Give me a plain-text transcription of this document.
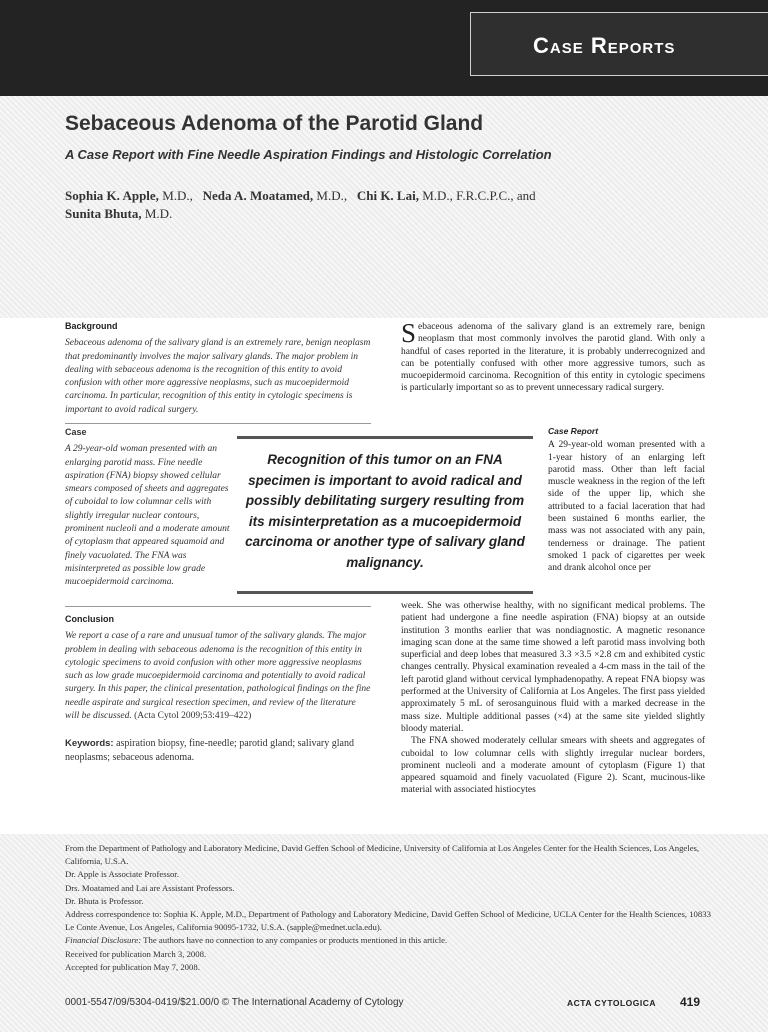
Case Reports
Sebaceous Adenoma of the Parotid Gland
A Case Report with Fine Needle Aspiration Findings and Histologic Correlation
Sophia K. Apple, M.D., Neda A. Moatamed, M.D., Chi K. Lai, M.D., F.R.C.P.C., and
Sunita Bhuta, M.D.
Background
Sebaceous adenoma of the salivary gland is an extremely rare, benign neoplasm that predominantly involves the major salivary glands. The major problem in dealing with sebaceous adenoma is the recognition of this entity to avoid confusion with other more aggressive neoplasms, such as mucoepidermoid carcinoma. In particular, recognition of this entity in cytologic specimens is important to avoid radical surgery.
Case
A 29-year-old woman presented with an enlarging parotid mass. Fine needle aspiration (FNA) biopsy showed cellular smears composed of sheets and aggregates of cuboidal to low columnar cells with slightly irregular nuclear contours, prominent nucleoli and a moderate amount of cytoplasm that appeared squamoid and finely vacuolated. The FNA was misinterpreted as possible low grade mucoepidermoid carcinoma.
Conclusion
We report a case of a rare and unusual tumor of the salivary glands. The major problem in dealing with sebaceous adenoma is the recognition of this entity in cytologic specimens to avoid confusion with other more aggressive neoplasms such as low grade mucoepidermoid carcinoma and potentially to avoid radical surgery. In this paper, the clinical presentation, pathological findings on the fine needle aspirate and surgical resection specimen, and review of the literature will be discussed. (Acta Cytol 2009;53:419–422)
Keywords: aspiration biopsy, fine-needle; parotid gland; salivary gland neoplasms; sebaceous adenoma.
Recognition of this tumor on an FNA specimen is important to avoid radical and possibly debilitating surgery resulting from its misinterpretation as a mucoepidermoid carcinoma or another type of salivary gland malignancy.
Sebaceous adenoma of the salivary gland is an extremely rare, benign neoplasm that most commonly involves the parotid gland. With only a handful of cases reported in the literature, it is probably underrecognized and can be potentially confused with other more aggressive tumors, such as mucoepidermoid carcinoma. Recognition of this entity in cytologic specimens is particularly important so as to prevent unnecessary radical surgery.
Case Report
A 29-year-old woman presented with a 1-year history of an enlarging left parotid mass. Other than left facial muscle weakness in the region of the left side of the upper lip, which she attributed to a facial laceration that had been sustained 6 months earlier, the mass was not associated with any pain, tenderness or drainage. The patient smoked 1 pack of cigarettes per week and drank alcohol once per
week. She was otherwise healthy, with no significant medical problems. The patient had undergone a fine needle aspiration (FNA) biopsy at an outside institution 3 months earlier that was nondiagnostic. A magnetic resonance imaging scan done at the same time showed a left parotid mass involving both superficial and deep lobes that measured 3.3 ×3.5 ×2.8 cm and exhibited cystic changes centrally. Physical examination revealed a 4-cm mass in the tail of the left parotid gland without cervical lymphadenopathy. A repeat FNA biopsy was performed at the University of California at Los Angeles. The first pass yielded approximately 5 mL of serosanguinous fluid with a marked decrease in the mass size. Multiple additional passes (×4) at the same site yielded slightly bloody material.
The FNA showed moderately cellular smears with sheets and aggregates of cuboidal to low columnar cells with slightly irregular nuclear borders, prominent nucleoli and a moderate amount of cytoplasm (Figure 1) that appeared squamoid and finely vacuolated (Figure 2). Scant, mucinous-like material with associated histiocytes

From the Department of Pathology and Laboratory Medicine, David Geffen School of Medicine, University of California at Los Angeles Center for the Health Sciences, Los Angeles, California, U.S.A.

Dr. Apple is Associate Professor.

Drs. Moatamed and Lai are Assistant Professors.

Dr. Bhuta is Professor.

Address correspondence to: Sophia K. Apple, M.D., Department of Pathology and Laboratory Medicine, David Geffen School of Medicine, UCLA Center for the Health Sciences, 10833 Le Conte Avenue, Los Angeles, California 90095-1732, U.S.A. (sapple@mednet.ucla.edu).

Financial Disclosure: The authors have no connection to any companies or products mentioned in this article.

Received for publication March 3, 2008.

Accepted for publication May 7, 2008.

0001-5547/09/5304-0419/$21.00/0 © The International Academy of Cytology	ACTA CYTOLOGICA 419
